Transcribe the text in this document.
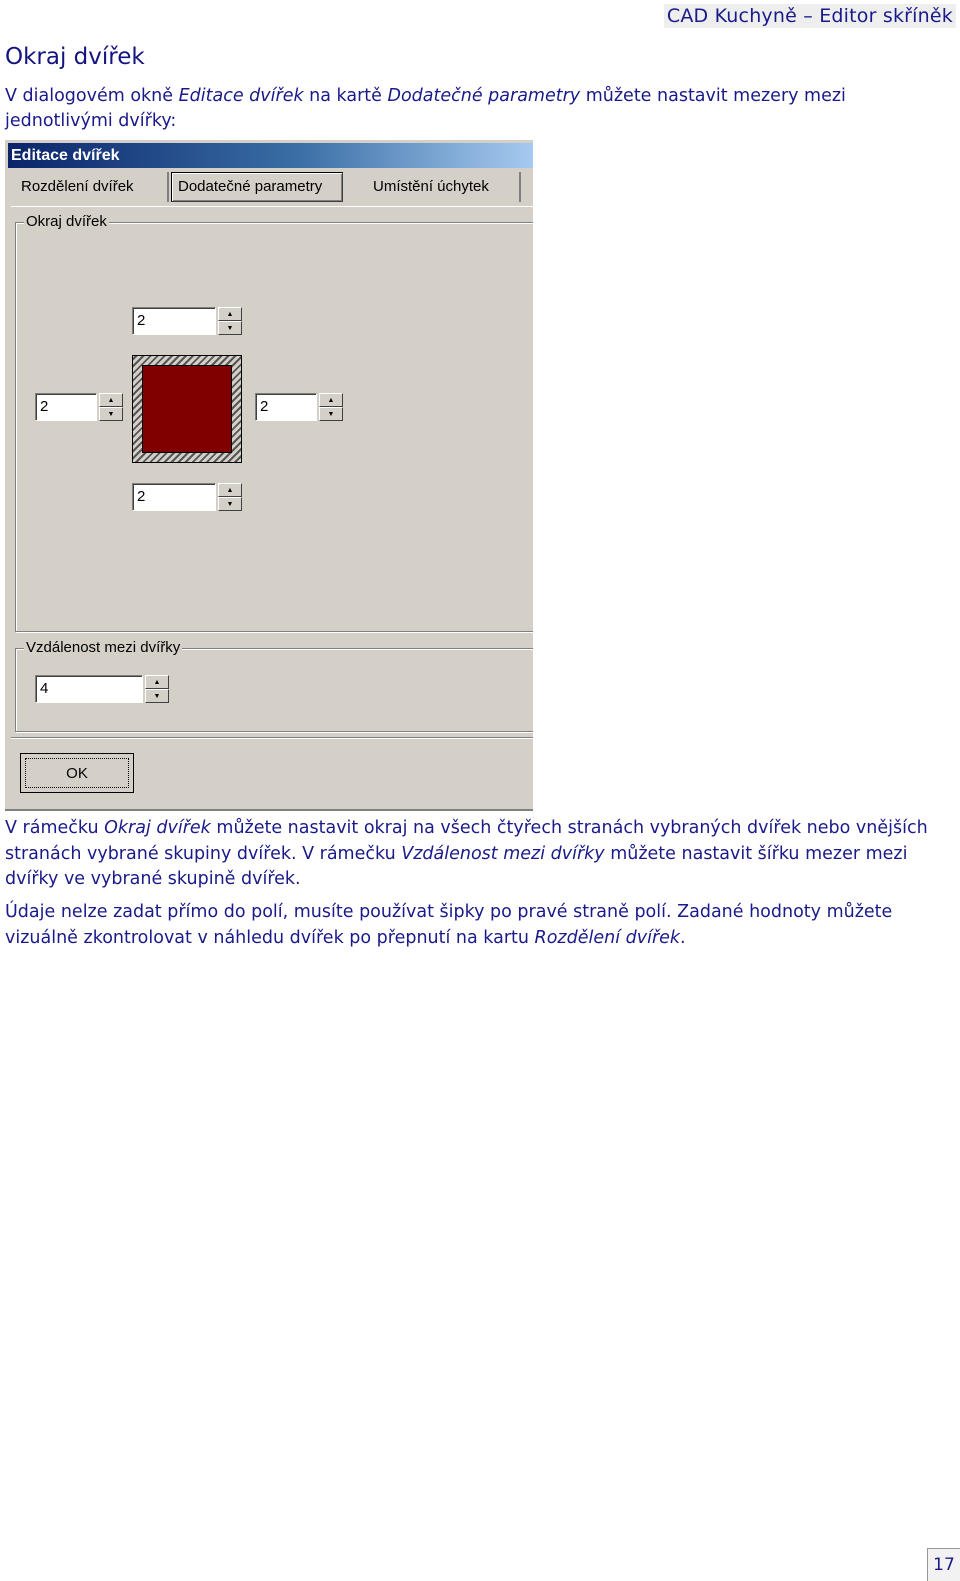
CAD Kuchyně – Editor skříněk
Okraj dvířek
V dialogovém okně Editace dvířek na kartě Dodatečné parametry můžete nastavit mezery mezi jednotlivými dvířky:
Editace dvířek
Rozdělení dvířek	Dodatečné parametry	Umístění úchytek
Okraj dvířek
2	▲
▼
2	▲
▼	2	▲
▼
2	▲
▼
Vzdálenost mezi dvířky
4	▲
▼
OK
V rámečku Okraj dvířek můžete nastavit okraj na všech čtyřech stranách vybraných dvířek nebo vnějších stranách vybrané skupiny dvířek. V rámečku Vzdálenost mezi dvířky můžete nastavit šířku mezer mezi dvířky ve vybrané skupině dvířek.
Údaje nelze zadat přímo do polí, musíte používat šipky po pravé straně polí. Zadané hodnoty můžete vizuálně zkontrolovat v náhledu dvířek po přepnutí na kartu Rozdělení dvířek.
17
